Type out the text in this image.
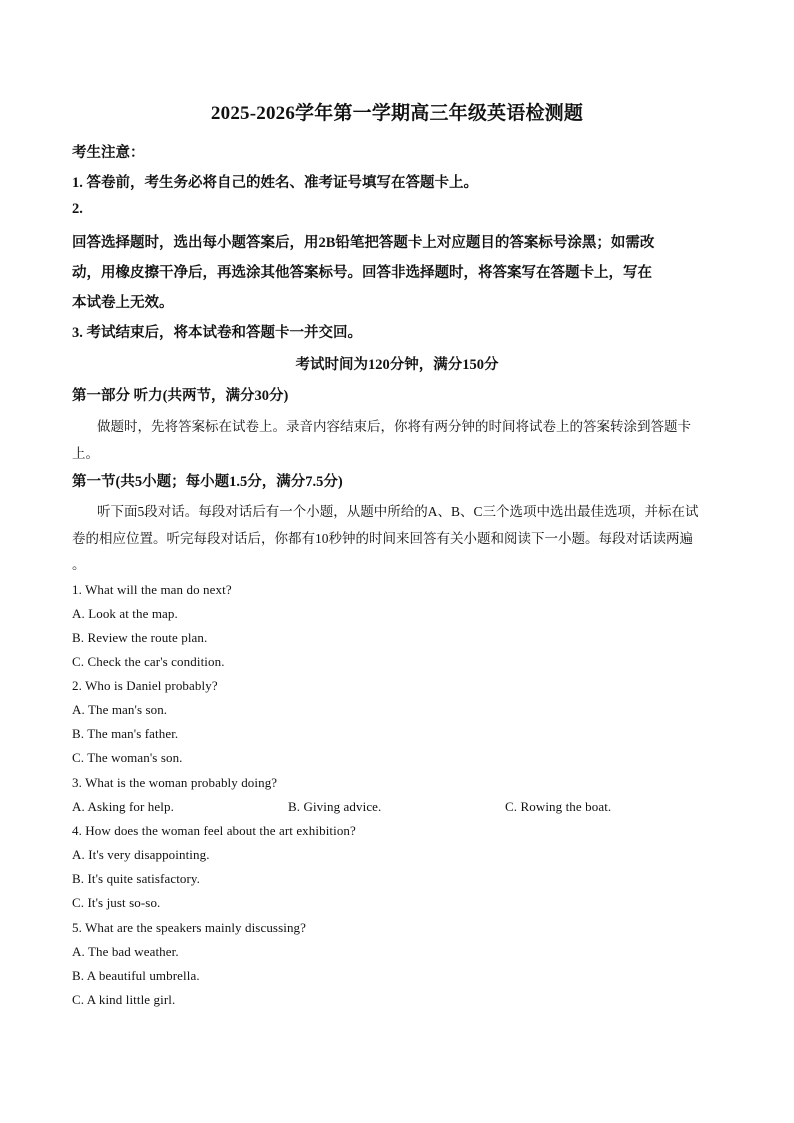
2025-2026学年第一学期高三年级英语检测题
考生注意：
1. 答卷前，考生务必将自己的姓名、准考证号填写在答题卡上。
2.
回答选择题时，选出每小题答案后，用2B铅笔把答题卡上对应题目的答案标号涂黑；如需改
动，用橡皮擦干净后，再选涂其他答案标号。回答非选择题时，将答案写在答题卡上，写在
本试卷上无效。
3. 考试结束后，将本试卷和答题卡一并交回。
考试时间为120分钟，满分150分
第一部分 听力(共两节，满分30分)
做题时，先将答案标在试卷上。录音内容结束后，你将有两分钟的时间将试卷上的答案转涂到答题卡
上。
第一节(共5小题；每小题1.5分，满分7.5分)
听下面5段对话。每段对话后有一个小题，从题中所给的A、B、C三个选项中选出最佳选项，并标在试
卷的相应位置。听完每段对话后，你都有10秒钟的时间来回答有关小题和阅读下一小题。每段对话读两遍
。
1. What will the man do next?
A. Look at the map.
B. Review the route plan.
C. Check the car's condition.
2. Who is Daniel probably?
A. The man's son.
B. The man's father.
C. The woman's son.
3. What is the woman probably doing?
A. Asking for help.	B. Giving advice.	C. Rowing the boat.
4. How does the woman feel about the art exhibition?
A. It's very disappointing.
B. It's quite satisfactory.
C. It's just so-so.
5. What are the speakers mainly discussing?
A. The bad weather.
B. A beautiful umbrella.
C. A kind little girl.
